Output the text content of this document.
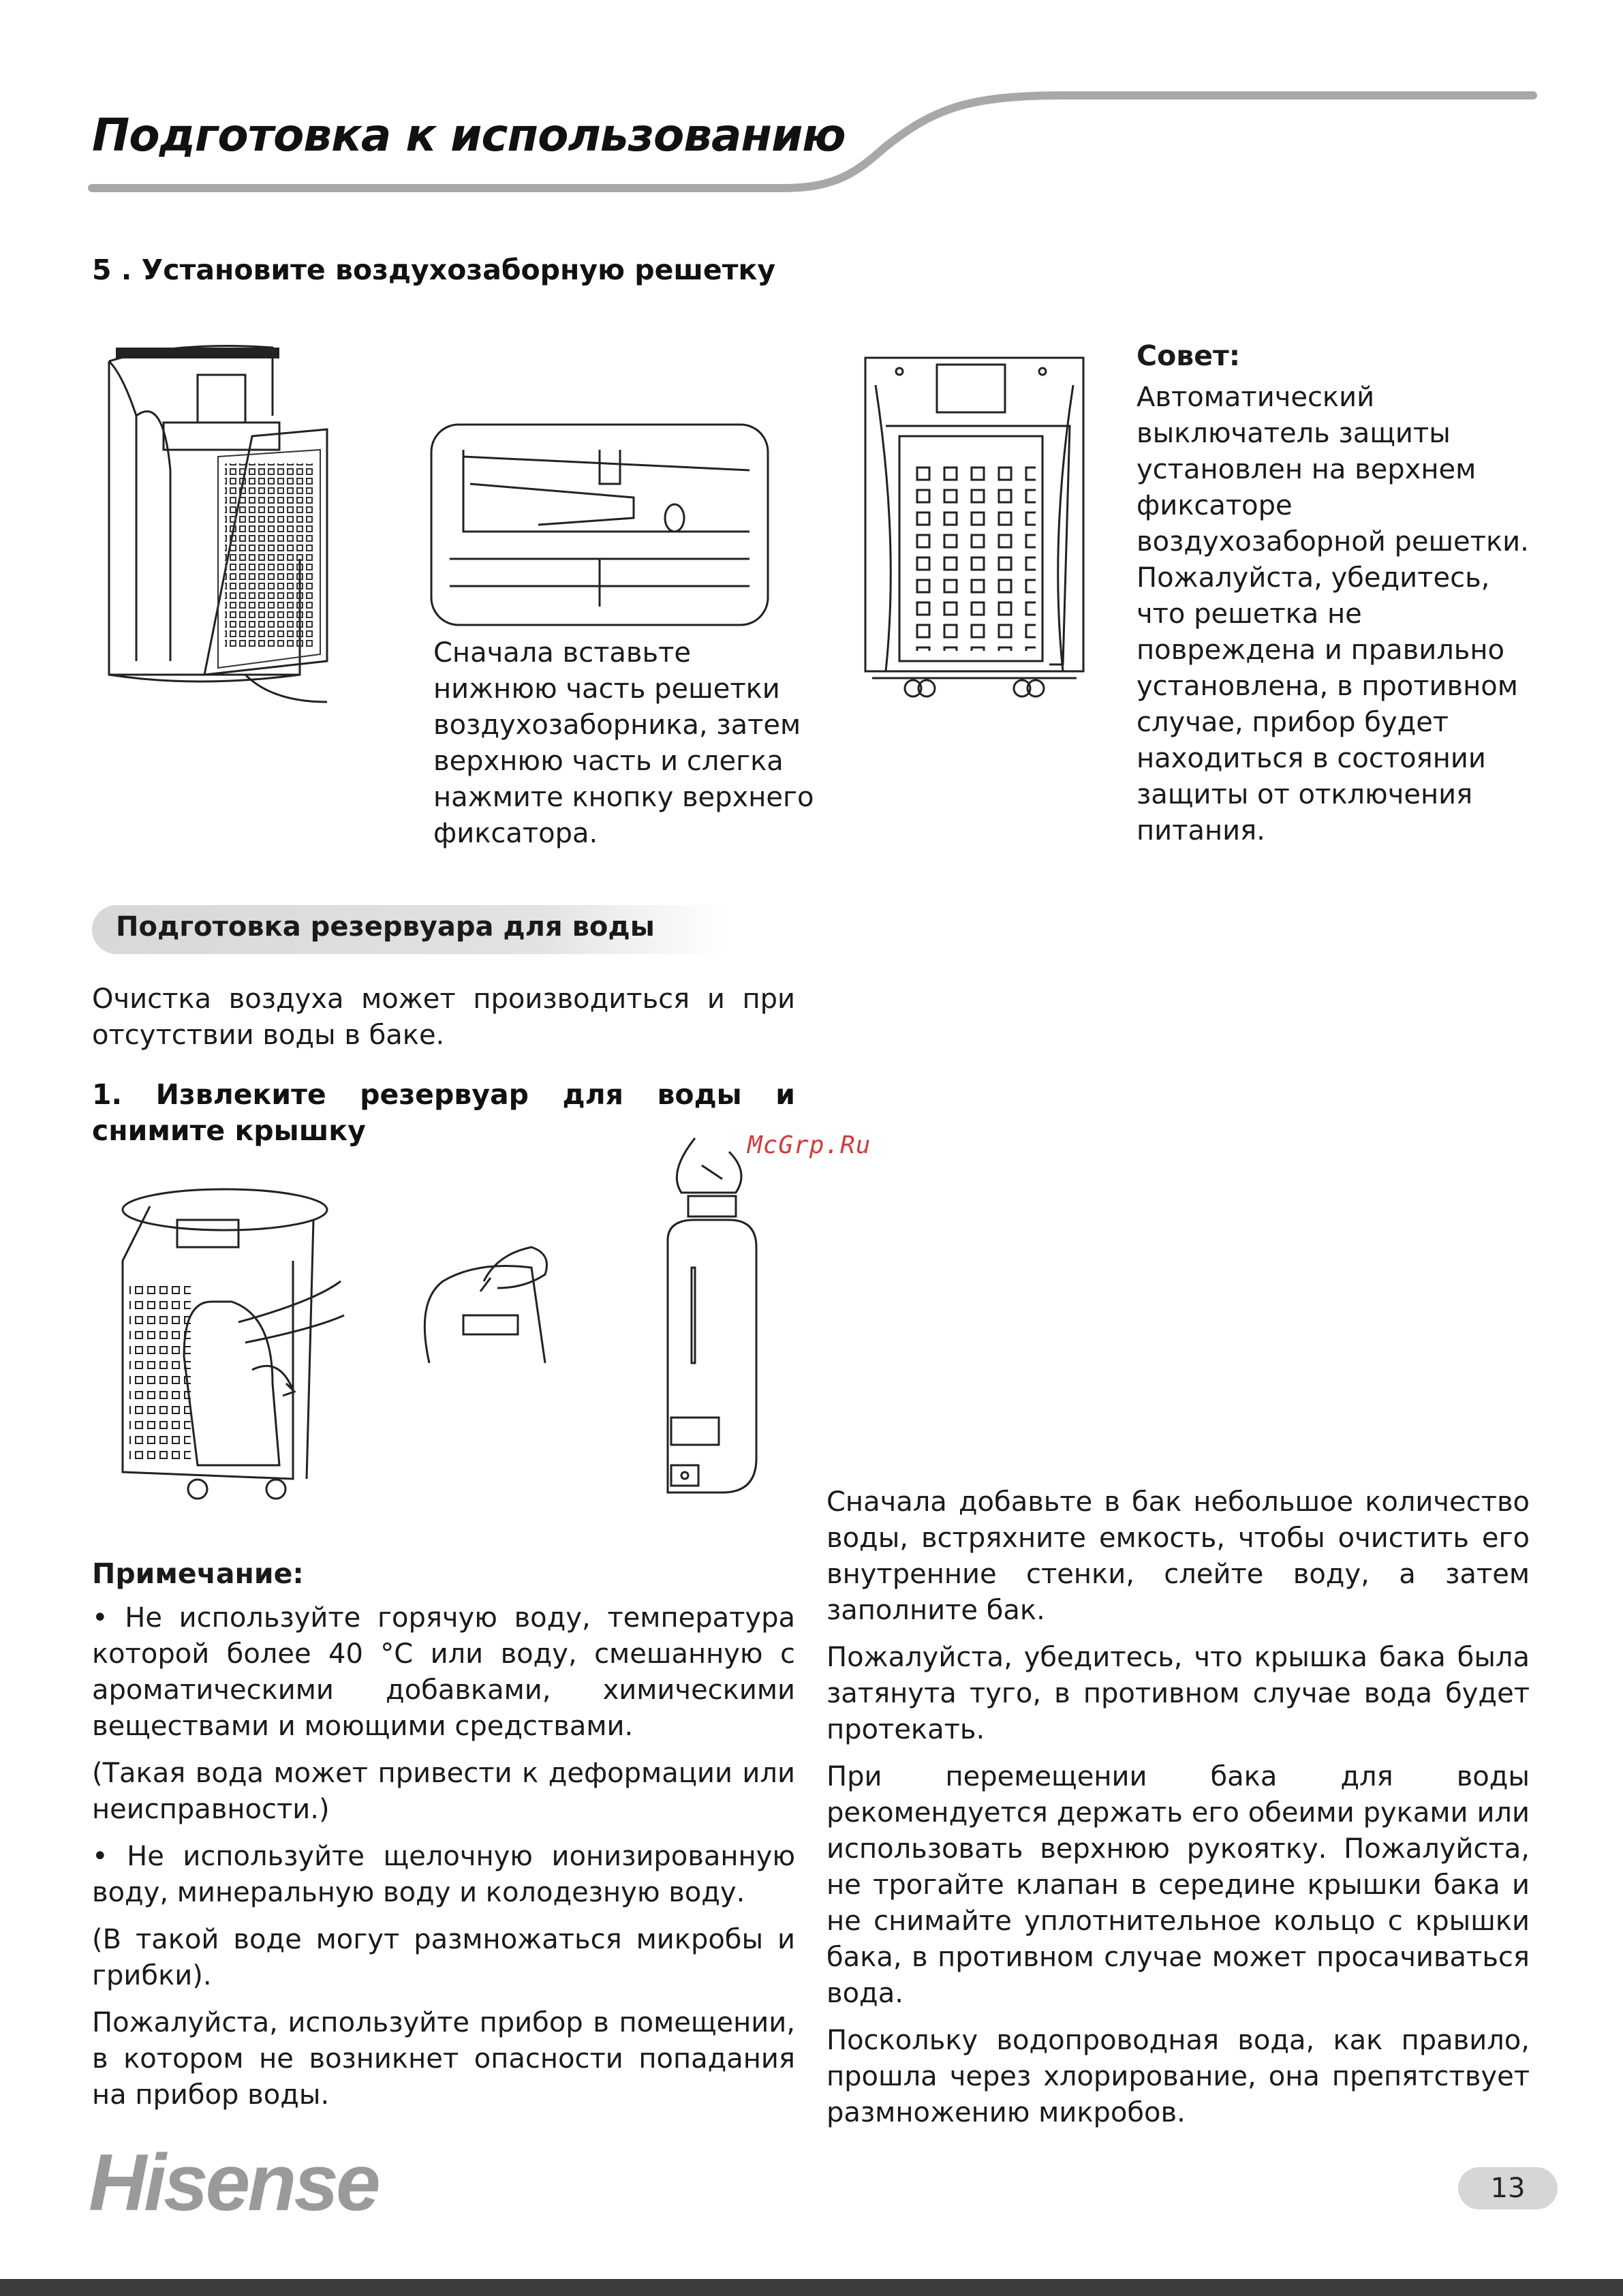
Подготовка к использованию
5 . Установите воздухозаборную решетку
Сначала вставьте нижнюю часть решетки воздухозаборника, затем верхнюю часть и слегка нажмите кнопку верхнего фиксатора.
Совет:
Автоматический выключатель защиты установлен на верхнем фиксаторе воздухозаборной решетки. Пожалуйста, убедитесь, что решетка не повреждена и правильно установлена, в противном случае, прибор будет находиться в состоянии защиты от отключения питания.
Подготовка резервуара для воды
Очистка воздуха может производиться и при отсутствии воды в баке.
1. Извлеките резервуар для воды и снимите крышку	McGrp.Ru
Примечание:

• Не используйте горячую воду, температура которой более 40 °С или воду, смешанную с ароматическими добавками, химическими веществами и моющими средствами.

(Такая вода может привести к деформации или неисправности.)

• Не используйте щелочную ионизированную воду, минеральную воду и колодезную воду.

(В такой воде могут размножаться микробы и грибки).

Пожалуйста, используйте прибор в помещении, в котором не возникнет опасности попадания на прибор воды.

Сначала добавьте в бак небольшое количество воды, встряхните емкость, чтобы очистить его внутренние стенки, слейте воду, а затем заполните бак.

Пожалуйста, убедитесь, что крышка бака была затянута туго, в противном случае вода будет протекать.

При перемещении бака для воды рекомендуется держать его обеими руками или использовать верхнюю рукоятку. Пожалуйста, не трогайте клапан в середине крышки бака и не снимайте уплотнительное кольцо с крышки бака, в противном случае может просачиваться вода.

Поскольку водопроводная вода, как правило, прошла через хлорирование, она препятствует размножению микробов.

Hisense	13
